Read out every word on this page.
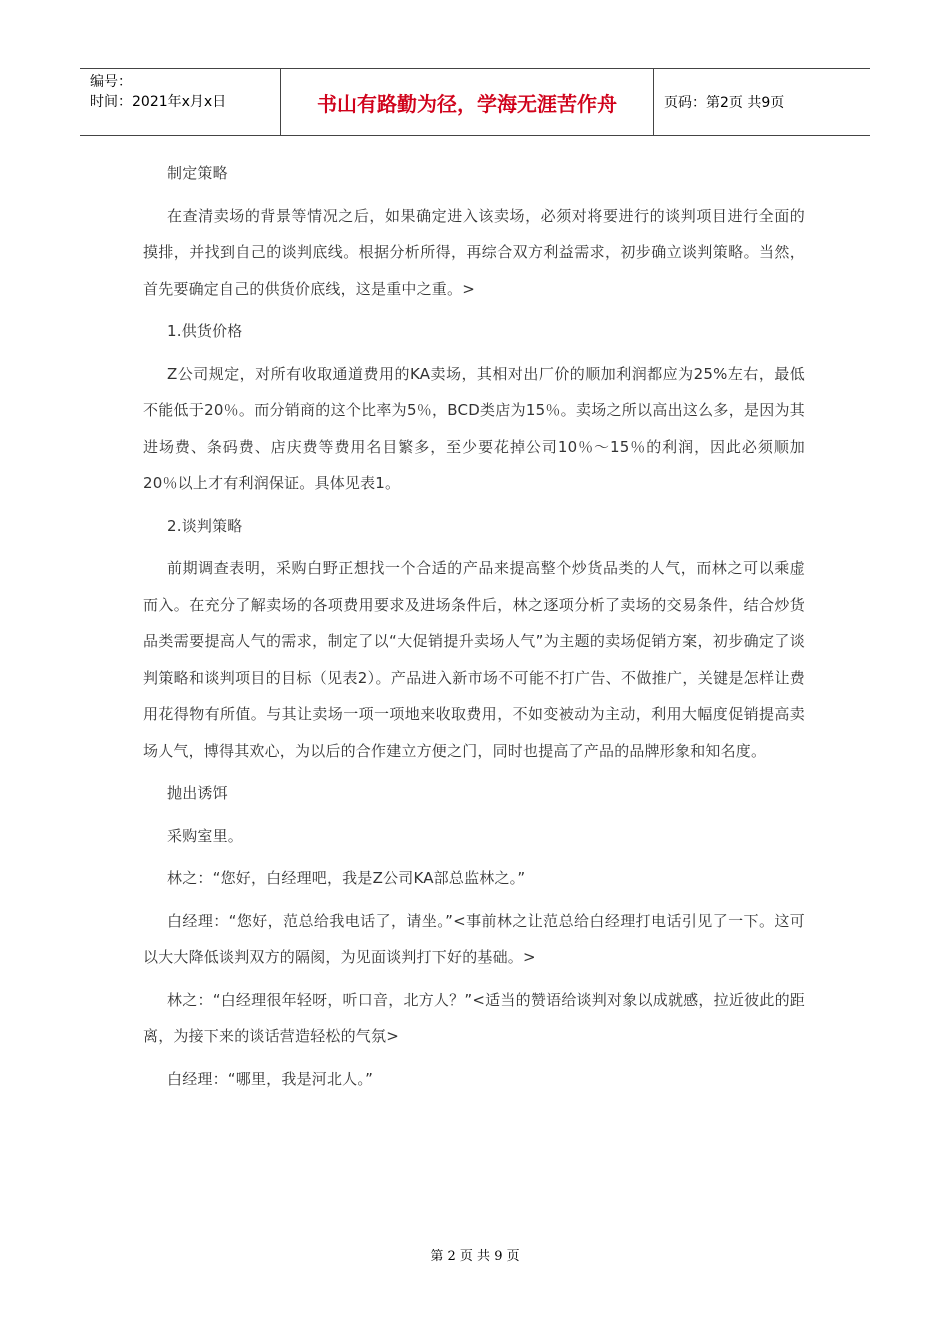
编号：
时间：2021年x月x日	书山有路勤为径，学海无涯苦作舟	页码：第2页 共9页

制定策略

在查清卖场的背景等情况之后，如果确定进入该卖场，必须对将要进行的谈判项目进行全面的摸排，并找到自己的谈判底线。根据分析所得，再综合双方利益需求，初步确立谈判策略。当然，首先要确定自己的供货价底线，这是重中之重。>

1.供货价格

Z公司规定，对所有收取通道费用的KA卖场，其相对出厂价的顺加利润都应为25%左右，最低不能低于20％。而分销商的这个比率为5％，BCD类店为15％。卖场之所以高出这么多，是因为其进场费、条码费、店庆费等费用名目繁多，至少要花掉公司10％～15％的利润，因此必须顺加20％以上才有利润保证。具体见表1。

2.谈判策略

前期调查表明，采购白野正想找一个合适的产品来提高整个炒货品类的人气，而林之可以乘虚而入。在充分了解卖场的各项费用要求及进场条件后，林之逐项分析了卖场的交易条件，结合炒货品类需要提高人气的需求，制定了以“大促销提升卖场人气”为主题的卖场促销方案，初步确定了谈判策略和谈判项目的目标（见表2）。产品进入新市场不可能不打广告、不做推广，关键是怎样让费用花得物有所值。与其让卖场一项一项地来收取费用，不如变被动为主动，利用大幅度促销提高卖场人气，博得其欢心，为以后的合作建立方便之门，同时也提高了产品的品牌形象和知名度。

抛出诱饵

采购室里。

林之：“您好，白经理吧，我是Z公司KA部总监林之。”

白经理：“您好，范总给我电话了，请坐。”<事前林之让范总给白经理打电话引见了一下。这可以大大降低谈判双方的隔阂，为见面谈判打下好的基础。>

林之：“白经理很年轻呀，听口音，北方人？”<适当的赞语给谈判对象以成就感，拉近彼此的距离，为接下来的谈话营造轻松的气氛>

白经理：“哪里，我是河北人。”

第 2 页 共 9 页
